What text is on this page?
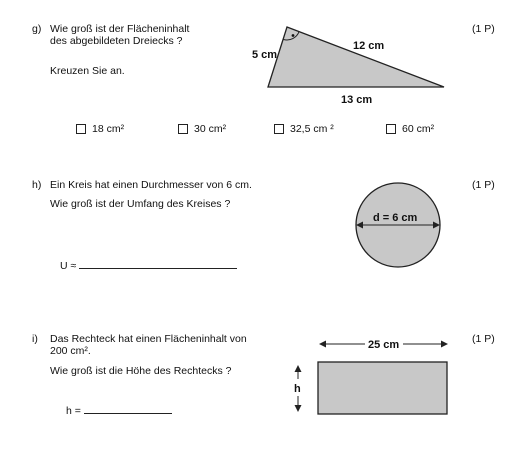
g) Wie groß ist der Flächeninhalt
des abgebildeten Dreiecks ?
Kreuzen Sie an.
(1 P)
5 cm
12 cm
13 cm
18 cm²	30 cm²	32,5 cm ²	60 cm²
h) Ein Kreis hat einen Durchmesser von 6 cm.
Wie groß ist der Umfang des Kreises ?
(1 P)
U ≈
d = 6 cm
i) Das Rechteck hat einen Flächeninhalt von
200 cm².
Wie groß ist die Höhe des Rechtecks ?
(1 P)
h =
25 cm
h
